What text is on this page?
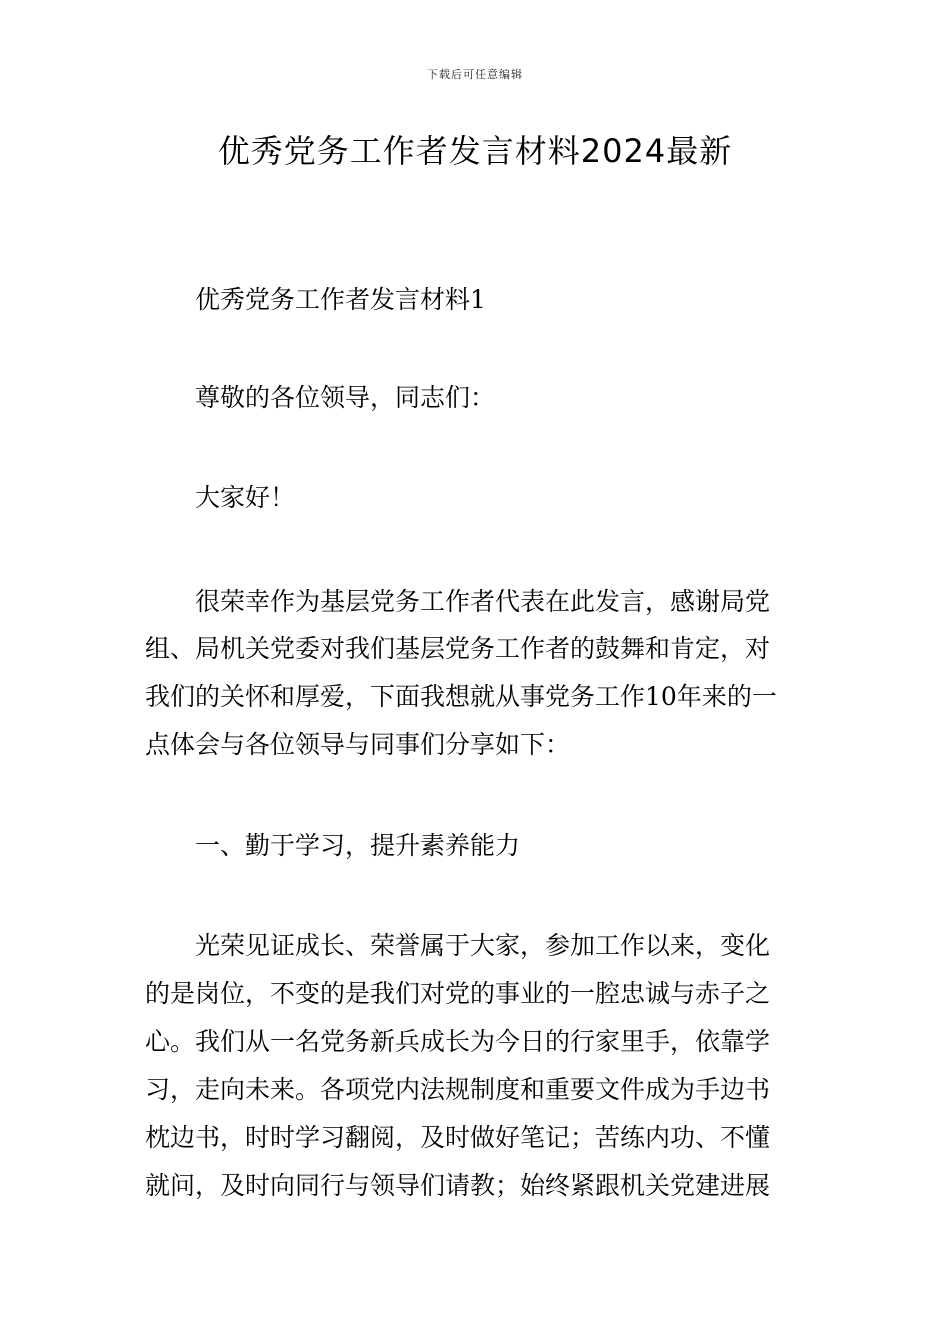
下载后可任意编辑
优秀党务工作者发言材料2024最新
优秀党务工作者发言材料1
尊敬的各位领导，同志们：
大家好！
很荣幸作为基层党务工作者代表在此发言，感谢局党
组、局机关党委对我们基层党务工作者的鼓舞和肯定，对
我们的关怀和厚爱，下面我想就从事党务工作10年来的一
点体会与各位领导与同事们分享如下：
一、勤于学习，提升素养能力
光荣见证成长、荣誉属于大家，参加工作以来，变化
的是岗位，不变的是我们对党的事业的一腔忠诚与赤子之
心。我们从一名党务新兵成长为今日的行家里手，依靠学
习，走向未来。各项党内法规制度和重要文件成为手边书
枕边书，时时学习翻阅，及时做好笔记；苦练内功、不懂
就问，及时向同行与领导们请教；始终紧跟机关党建进展
